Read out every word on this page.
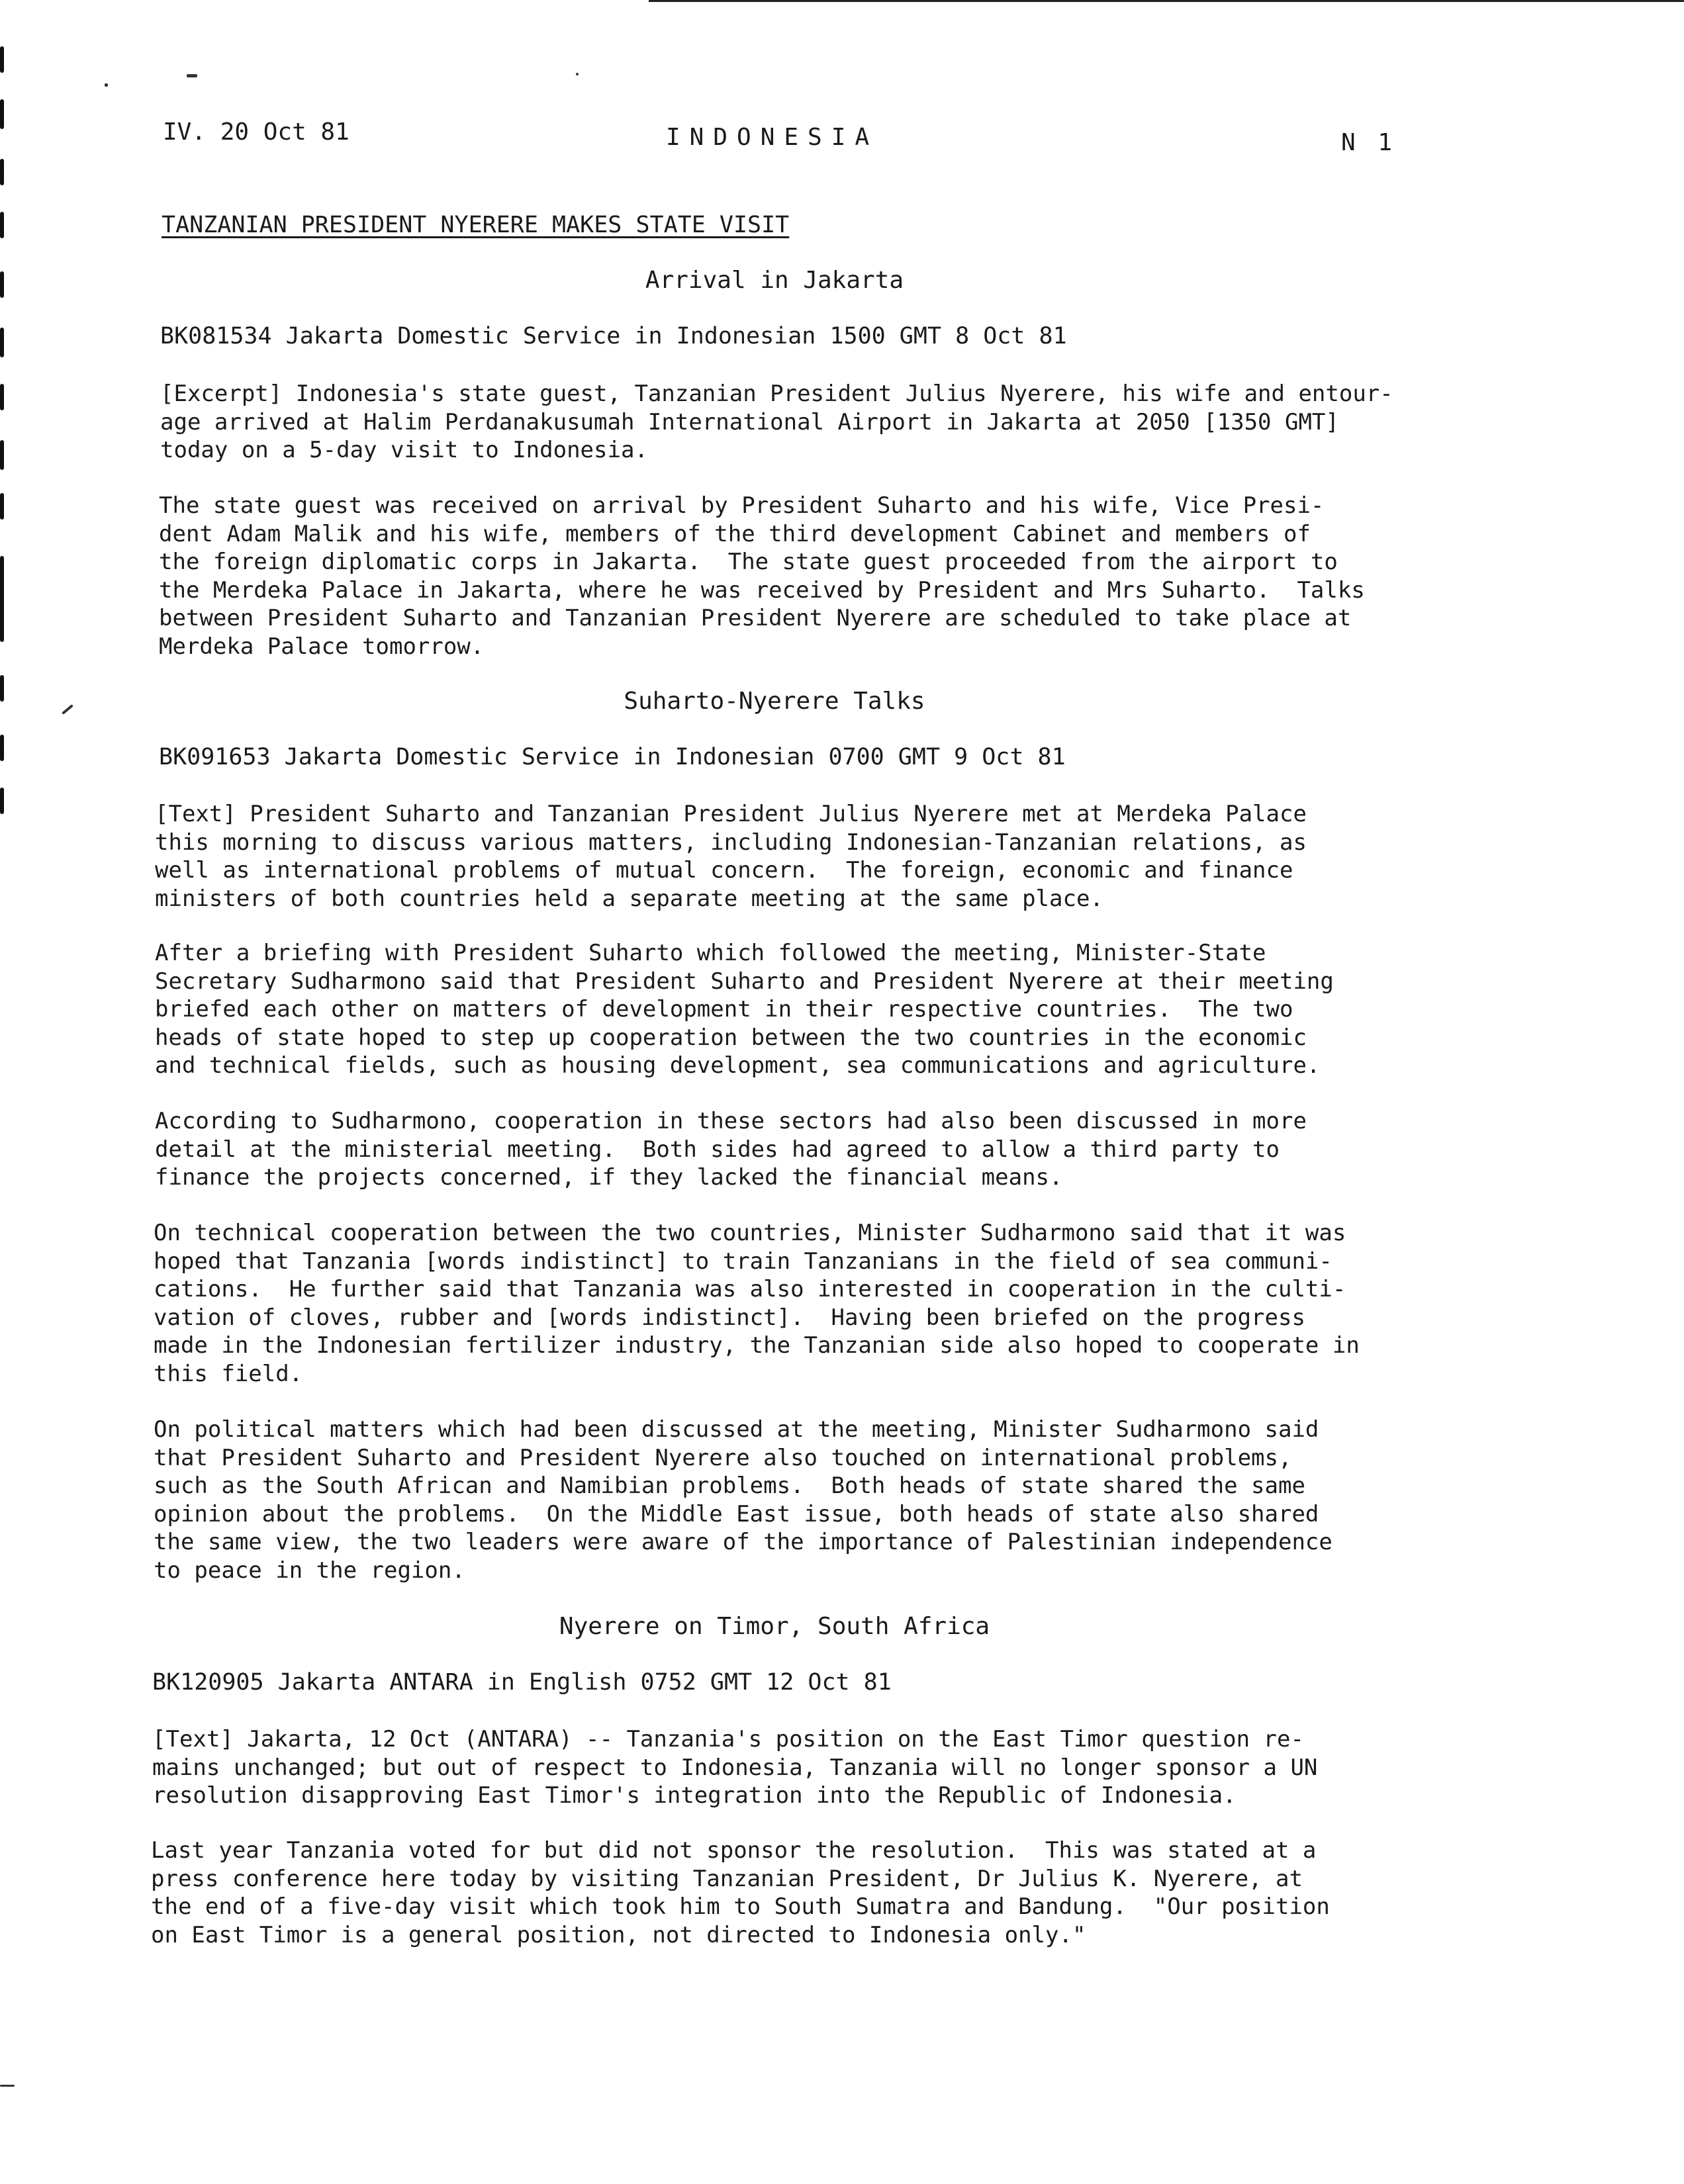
IV. 20 Oct 81	INDONESIA	N 1
TANZANIAN PRESIDENT NYERERE MAKES STATE VISIT
Arrival in Jakarta
BK081534 Jakarta Domestic Service in Indonesian 1500 GMT 8 Oct 81
[Excerpt] Indonesia's state guest, Tanzanian President Julius Nyerere, his wife and entour-
age arrived at Halim Perdanakusumah International Airport in Jakarta at 2050 [1350 GMT]
today on a 5-day visit to Indonesia.
The state guest was received on arrival by President Suharto and his wife, Vice Presi-
dent Adam Malik and his wife, members of the third development Cabinet and members of
the foreign diplomatic corps in Jakarta.  The state guest proceeded from the airport to
the Merdeka Palace in Jakarta, where he was received by President and Mrs Suharto.  Talks
between President Suharto and Tanzanian President Nyerere are scheduled to take place at
Merdeka Palace tomorrow.
Suharto-Nyerere Talks
BK091653 Jakarta Domestic Service in Indonesian 0700 GMT 9 Oct 81
[Text] President Suharto and Tanzanian President Julius Nyerere met at Merdeka Palace
this morning to discuss various matters, including Indonesian-Tanzanian relations, as
well as international problems of mutual concern.  The foreign, economic and finance
ministers of both countries held a separate meeting at the same place.
After a briefing with President Suharto which followed the meeting, Minister-State
Secretary Sudharmono said that President Suharto and President Nyerere at their meeting
briefed each other on matters of development in their respective countries.  The two
heads of state hoped to step up cooperation between the two countries in the economic
and technical fields, such as housing development, sea communications and agriculture.
According to Sudharmono, cooperation in these sectors had also been discussed in more
detail at the ministerial meeting.  Both sides had agreed to allow a third party to
finance the projects concerned, if they lacked the financial means.
On technical cooperation between the two countries, Minister Sudharmono said that it was
hoped that Tanzania [words indistinct] to train Tanzanians in the field of sea communi-
cations.  He further said that Tanzania was also interested in cooperation in the culti-
vation of cloves, rubber and [words indistinct].  Having been briefed on the progress
made in the Indonesian fertilizer industry, the Tanzanian side also hoped to cooperate in
this field.
On political matters which had been discussed at the meeting, Minister Sudharmono said
that President Suharto and President Nyerere also touched on international problems,
such as the South African and Namibian problems.  Both heads of state shared the same
opinion about the problems.  On the Middle East issue, both heads of state also shared
the same view, the two leaders were aware of the importance of Palestinian independence
to peace in the region.
Nyerere on Timor, South Africa
BK120905 Jakarta ANTARA in English 0752 GMT 12 Oct 81
[Text] Jakarta, 12 Oct (ANTARA) -- Tanzania's position on the East Timor question re-
mains unchanged; but out of respect to Indonesia, Tanzania will no longer sponsor a UN
resolution disapproving East Timor's integration into the Republic of Indonesia.
Last year Tanzania voted for but did not sponsor the resolution.  This was stated at a
press conference here today by visiting Tanzanian President, Dr Julius K. Nyerere, at
the end of a five-day visit which took him to South Sumatra and Bandung.  "Our position
on East Timor is a general position, not directed to Indonesia only."
